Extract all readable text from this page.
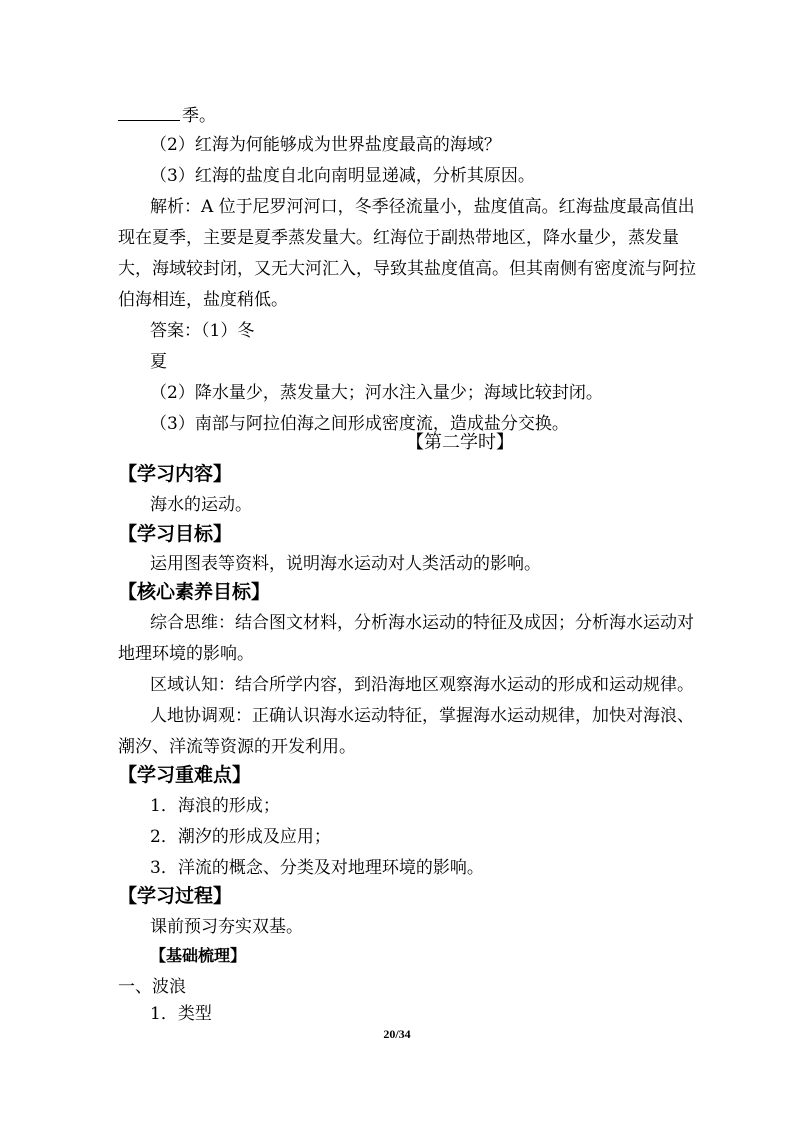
季。
（2）红海为何能够成为世界盐度最高的海域？
（3）红海的盐度自北向南明显递减，分析其原因。
解析：A 位于尼罗河河口，冬季径流量小，盐度值高。红海盐度最高值出
现在夏季，主要是夏季蒸发量大。红海位于副热带地区，降水量少，蒸发量
大，海域较封闭，又无大河汇入，导致其盐度值高。但其南侧有密度流与阿拉
伯海相连，盐度稍低。
答案：（1）冬
夏
（2）降水量少，蒸发量大；河水注入量少；海域比较封闭。
（3）南部与阿拉伯海之间形成密度流，造成盐分交换。
【第二学时】
【学习内容】
海水的运动。
【学习目标】
运用图表等资料，说明海水运动对人类活动的影响。
【核心素养目标】
综合思维：结合图文材料，分析海水运动的特征及成因；分析海水运动对
地理环境的影响。
区域认知：结合所学内容，到沿海地区观察海水运动的形成和运动规律。
人地协调观：正确认识海水运动特征，掌握海水运动规律，加快对海浪、
潮汐、洋流等资源的开发利用。
【学习重难点】
1．海浪的形成；
2．潮汐的形成及应用；
3．洋流的概念、分类及对地理环境的影响。
【学习过程】
课前预习夯实双基。
【基础梳理】
一、波浪
1．类型
20/34
